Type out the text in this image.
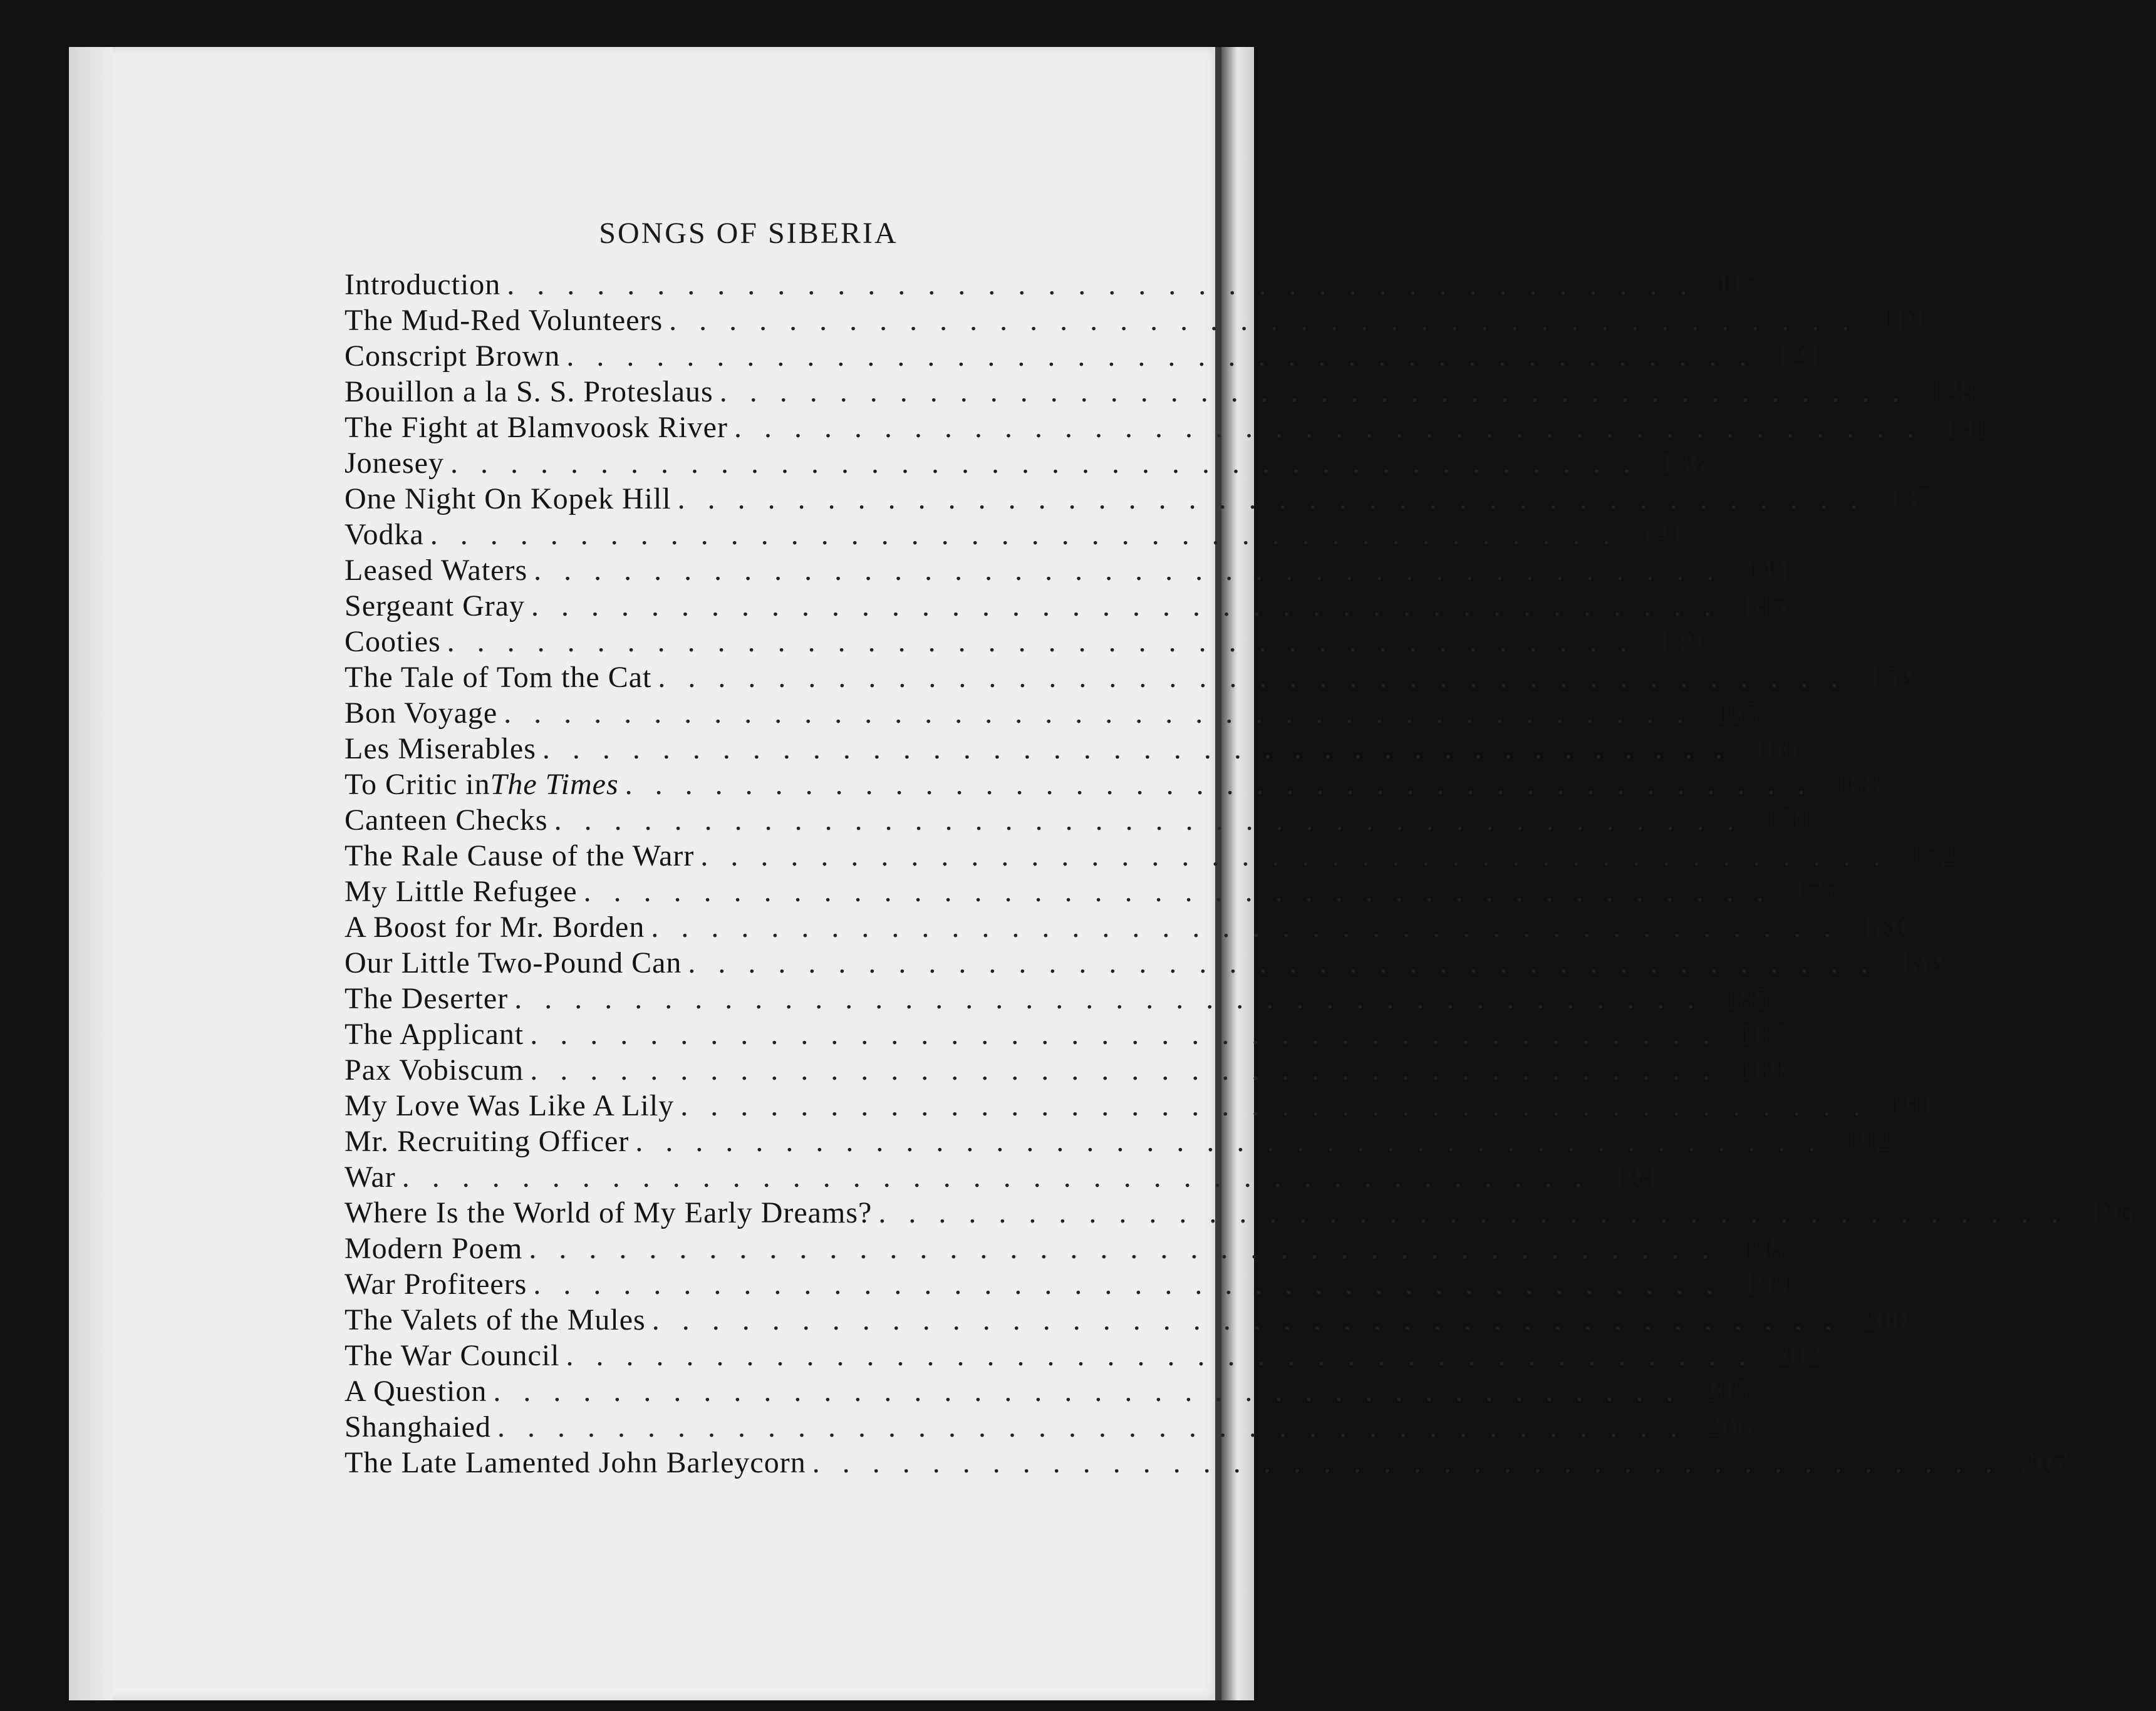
SONGS OF SIBERIA
Introduction ........................................ 117
The Mud-Red Volunteers ........................................ 119
Conscript Brown ........................................ 121
Bouillon a la S. S. Proteslaus ........................................ 128
The Fight at Blamvoosk River ........................................ 131
Jonesey ........................................ 136
One Night On Kopek Hill ........................................ 137
Vodka ........................................ 141
Leased Waters ........................................ 144
Sergeant Gray ........................................ 145
Cooties ........................................ 149
The Tale of Tom the Cat ........................................ 152
Bon Voyage ........................................ 165
Les Miserables ........................................ 166
To Critic in The Times ........................................ 168
Canteen Checks ........................................ 170
The Rale Cause of the Warr ........................................ 172
My Little Refugee ........................................ 177
A Boost for Mr. Borden ........................................ 180
Our Little Two-Pound Can ........................................ 182
The Deserter ........................................ 185
The Applicant ........................................ 187
Pax Vobiscum ........................................ 189
My Love Was Like A Lily ........................................ 191
Mr. Recruiting Officer ........................................ 192
War ........................................ 194
Where Is the World of My Early Dreams? ........................................ 196
Modern Poem ........................................ 198
War Profiteers ........................................ 199
The Valets of the Mules ........................................ 200
The War Council ........................................ 202
A Question ........................................ 205
Shanghaied ........................................ 206
The Late Lamented John Barleycorn ........................................ 207
